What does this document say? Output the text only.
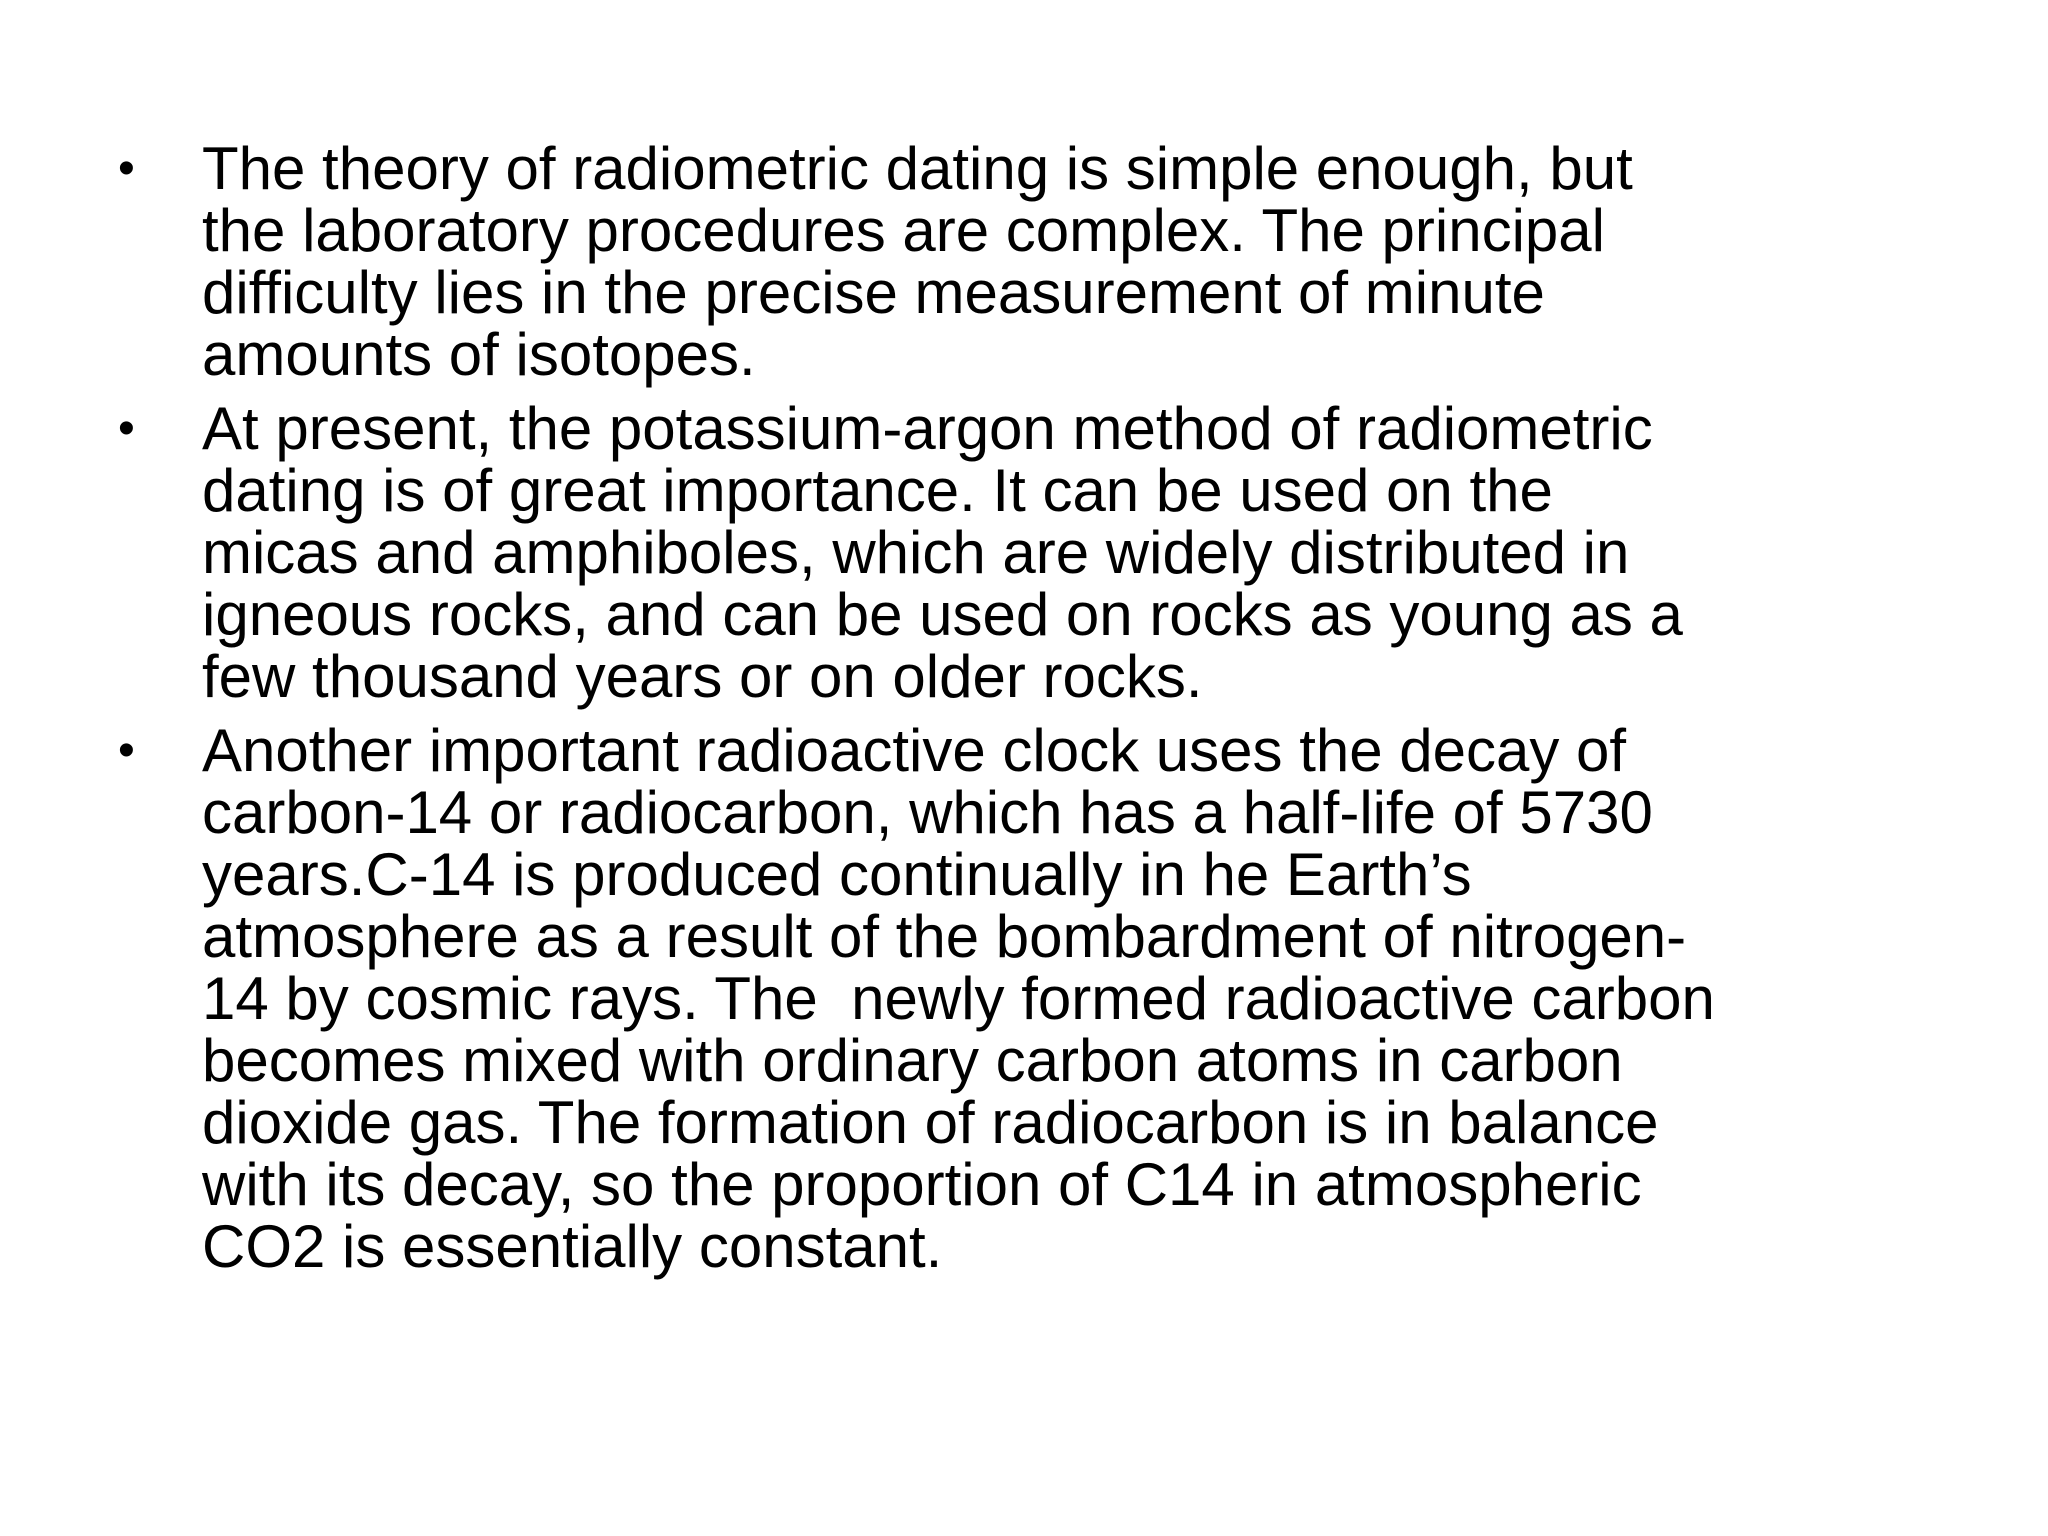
•	The theory of radiometric dating is simple enough, but
the laboratory procedures are complex. The principal
difficulty lies in the precise measurement of minute
amounts of isotopes.
•	At present, the potassium-argon method of radiometric
dating is of great importance. It can be used on the
micas and amphiboles, which are widely distributed in
igneous rocks, and can be used on rocks as young as a
few thousand years or on older rocks.
•	Another important radioactive clock uses the decay of
carbon-14 or radiocarbon, which has a half-life of 5730
years.C-14 is produced continually in he Earth’s
atmosphere as a result of the bombardment of nitrogen-
14 by cosmic rays. The  newly formed radioactive carbon
becomes mixed with ordinary carbon atoms in carbon
dioxide gas. The formation of radiocarbon is in balance
with its decay, so the proportion of C14 in atmospheric
CO2 is essentially constant.
